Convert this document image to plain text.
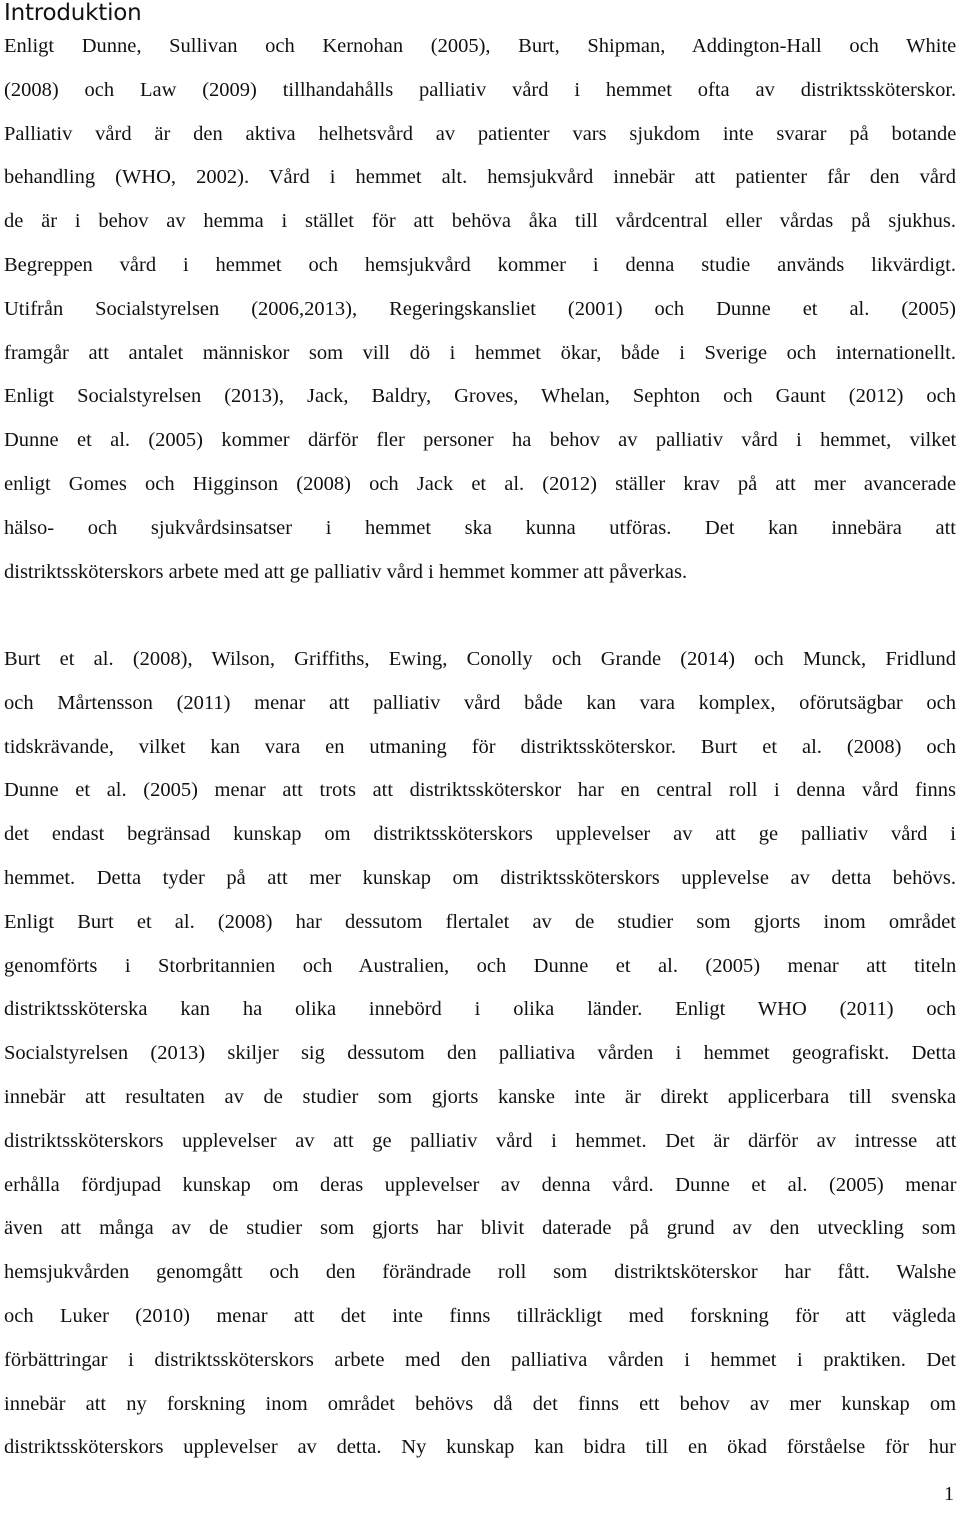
Introduktion
Enligt Dunne, Sullivan och Kernohan (2005), Burt, Shipman, Addington-Hall och White
(2008) och Law (2009) tillhandahålls palliativ vård i hemmet ofta av distriktssköterskor.
Palliativ vård är den aktiva helhetsvård av patienter vars sjukdom inte svarar på botande
behandling (WHO, 2002). Vård i hemmet alt. hemsjukvård innebär att patienter får den vård
de är i behov av hemma i stället för att behöva åka till vårdcentral eller vårdas på sjukhus.
Begreppen vård i hemmet och hemsjukvård kommer i denna studie används likvärdigt.
Utifrån Socialstyrelsen (2006,2013), Regeringskansliet (2001) och Dunne et al. (2005)
framgår att antalet människor som vill dö i hemmet ökar, både i Sverige och internationellt.
Enligt Socialstyrelsen (2013), Jack, Baldry, Groves, Whelan, Sephton och Gaunt (2012) och
Dunne et al. (2005) kommer därför fler personer ha behov av palliativ vård i hemmet, vilket
enligt Gomes och Higginson (2008) och Jack et al. (2012) ställer krav på att mer avancerade
hälso- och sjukvårdsinsatser i hemmet ska kunna utföras. Det kan innebära att
distriktssköterskors arbete med att ge palliativ vård i hemmet kommer att påverkas.
Burt et al. (2008), Wilson, Griffiths, Ewing, Conolly och Grande (2014) och Munck, Fridlund
och Mårtensson (2011) menar att palliativ vård både kan vara komplex, oförutsägbar och
tidskrävande, vilket kan vara en utmaning för distriktssköterskor. Burt et al. (2008) och
Dunne et al. (2005) menar att trots att distriktssköterskor har en central roll i denna vård finns
det endast begränsad kunskap om distriktssköterskors upplevelser av att ge palliativ vård i
hemmet. Detta tyder på att mer kunskap om distriktssköterskors upplevelse av detta behövs.
Enligt Burt et al. (2008) har dessutom flertalet av de studier som gjorts inom området
genomförts i Storbritannien och Australien, och Dunne et al. (2005) menar att titeln
distriktssköterska kan ha olika innebörd i olika länder. Enligt WHO (2011) och
Socialstyrelsen (2013) skiljer sig dessutom den palliativa vården i hemmet geografiskt. Detta
innebär att resultaten av de studier som gjorts kanske inte är direkt applicerbara till svenska
distriktssköterskors upplevelser av att ge palliativ vård i hemmet. Det är därför av intresse att
erhålla fördjupad kunskap om deras upplevelser av denna vård. Dunne et al. (2005) menar
även att många av de studier som gjorts har blivit daterade på grund av den utveckling som
hemsjukvården genomgått och den förändrade roll som distriktsköterskor har fått. Walshe
och Luker (2010) menar att det inte finns tillräckligt med forskning för att vägleda
förbättringar i distriktssköterskors arbete med den palliativa vården i hemmet i praktiken. Det
innebär att ny forskning inom området behövs då det finns ett behov av mer kunskap om
distriktssköterskors upplevelser av detta. Ny kunskap kan bidra till en ökad förståelse för hur
1
